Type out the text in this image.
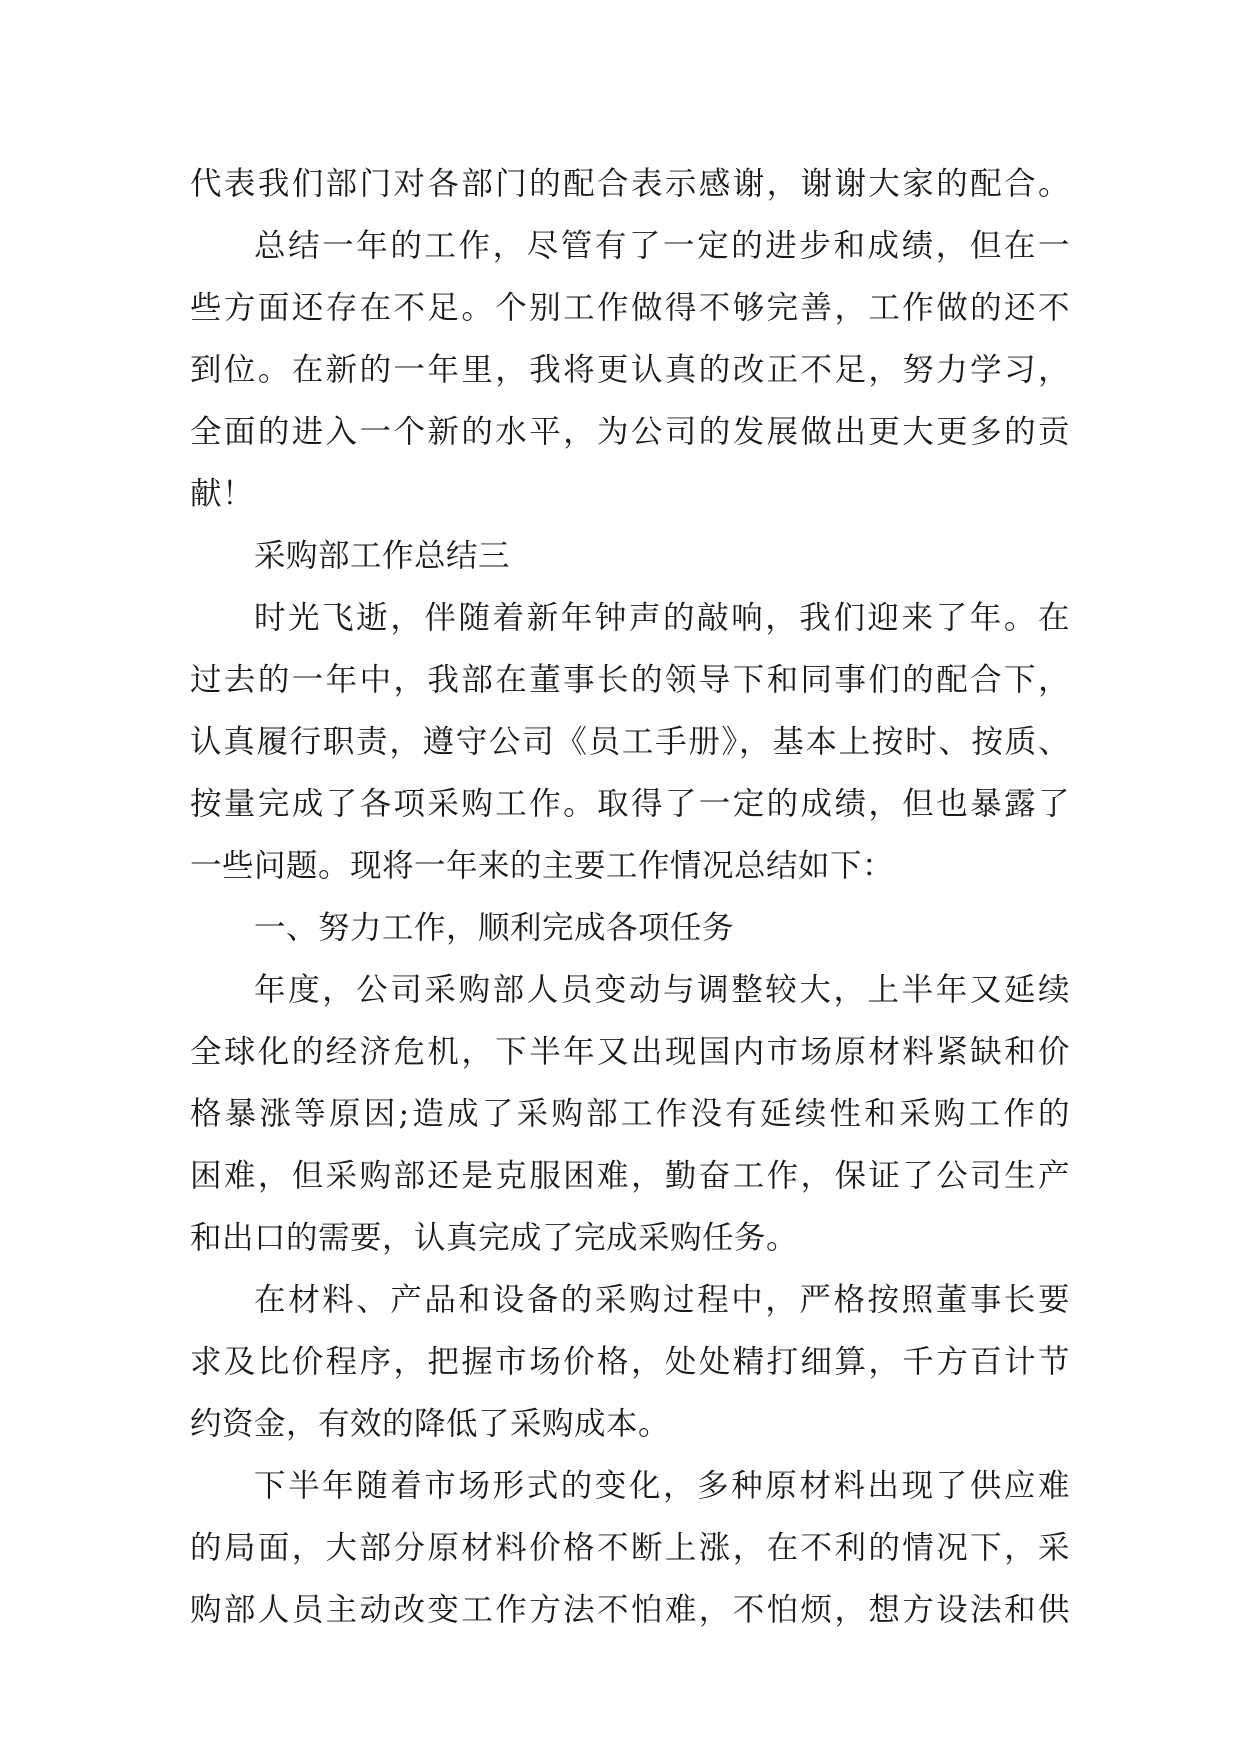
代表我们部门对各部门的配合表示感谢，谢谢大家的配合。
总结一年的工作，尽管有了一定的进步和成绩，但在一
些方面还存在不足。个别工作做得不够完善，工作做的还不
到位。在新的一年里，我将更认真的改正不足，努力学习，
全面的进入一个新的水平，为公司的发展做出更大更多的贡
献！
采购部工作总结三
时光飞逝，伴随着新年钟声的敲响，我们迎来了年。在
过去的一年中，我部在董事长的领导下和同事们的配合下，
认真履行职责，遵守公司《员工手册》，基本上按时、按质、
按量完成了各项采购工作。取得了一定的成绩，但也暴露了
一些问题。现将一年来的主要工作情况总结如下：
一、努力工作，顺利完成各项任务
年度，公司采购部人员变动与调整较大，上半年又延续
全球化的经济危机，下半年又出现国内市场原材料紧缺和价
格暴涨等原因;造成了采购部工作没有延续性和采购工作的
困难，但采购部还是克服困难，勤奋工作，保证了公司生产
和出口的需要，认真完成了完成采购任务。
在材料、产品和设备的采购过程中，严格按照董事长要
求及比价程序，把握市场价格，处处精打细算，千方百计节
约资金，有效的降低了采购成本。
下半年随着市场形式的变化，多种原材料出现了供应难
的局面，大部分原材料价格不断上涨，在不利的情况下，采
购部人员主动改变工作方法不怕难，不怕烦，想方设法和供
